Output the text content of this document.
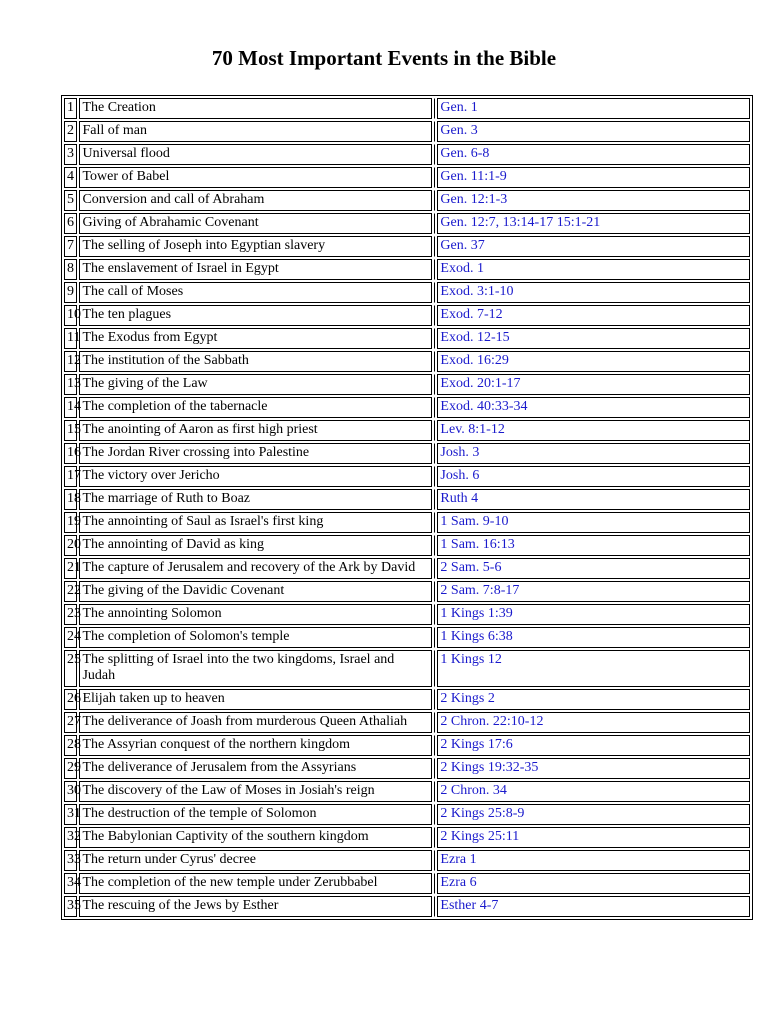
70 Most Important Events in the Bible
1	The Creation		Gen. 1
2	Fall of man		Gen. 3
3	Universal flood		Gen. 6-8
4	Tower of Babel		Gen. 11:1-9
5	Conversion and call of Abraham		Gen. 12:1-3
6	Giving of Abrahamic Covenant		Gen. 12:7, 13:14-17 15:1-21
7	The selling of Joseph into Egyptian slavery		Gen. 37
8	The enslavement of Israel in Egypt		Exod. 1
9	The call of Moses		Exod. 3:1-10
10	The ten plagues		Exod. 7-12
11	The Exodus from Egypt		Exod. 12-15
12	The institution of the Sabbath		Exod. 16:29
13	The giving of the Law		Exod. 20:1-17
14	The completion of the tabernacle		Exod. 40:33-34
15	The anointing of Aaron as first high priest		Lev. 8:1-12
16	The Jordan River crossing into Palestine		Josh. 3
17	The victory over Jericho		Josh. 6
18	The marriage of Ruth to Boaz		Ruth 4
19	The annointing of Saul as Israel's first king		1 Sam. 9-10
20	The annointing of David as king		1 Sam. 16:13
21	The capture of Jerusalem and recovery of the Ark by David		2 Sam. 5-6
22	The giving of the Davidic Covenant		2 Sam. 7:8-17
23	The annointing Solomon		1 Kings 1:39
24	The completion of Solomon's temple		1 Kings 6:38
25	The splitting of Israel into the two kingdoms, Israel and Judah		1 Kings 12
26	Elijah taken up to heaven		2 Kings 2
27	The deliverance of Joash from murderous Queen Athaliah		2 Chron. 22:10-12
28	The Assyrian conquest of the northern kingdom		2 Kings 17:6
29	The deliverance of Jerusalem from the Assyrians		2 Kings 19:32-35
30	The discovery of the Law of Moses in Josiah's reign		2 Chron. 34
31	The destruction of the temple of Solomon		2 Kings 25:8-9
32	The Babylonian Captivity of the southern kingdom		2 Kings 25:11
33	The return under Cyrus' decree		Ezra 1
34	The completion of the new temple under Zerubbabel		Ezra 6
35	The rescuing of the Jews by Esther		Esther 4-7
